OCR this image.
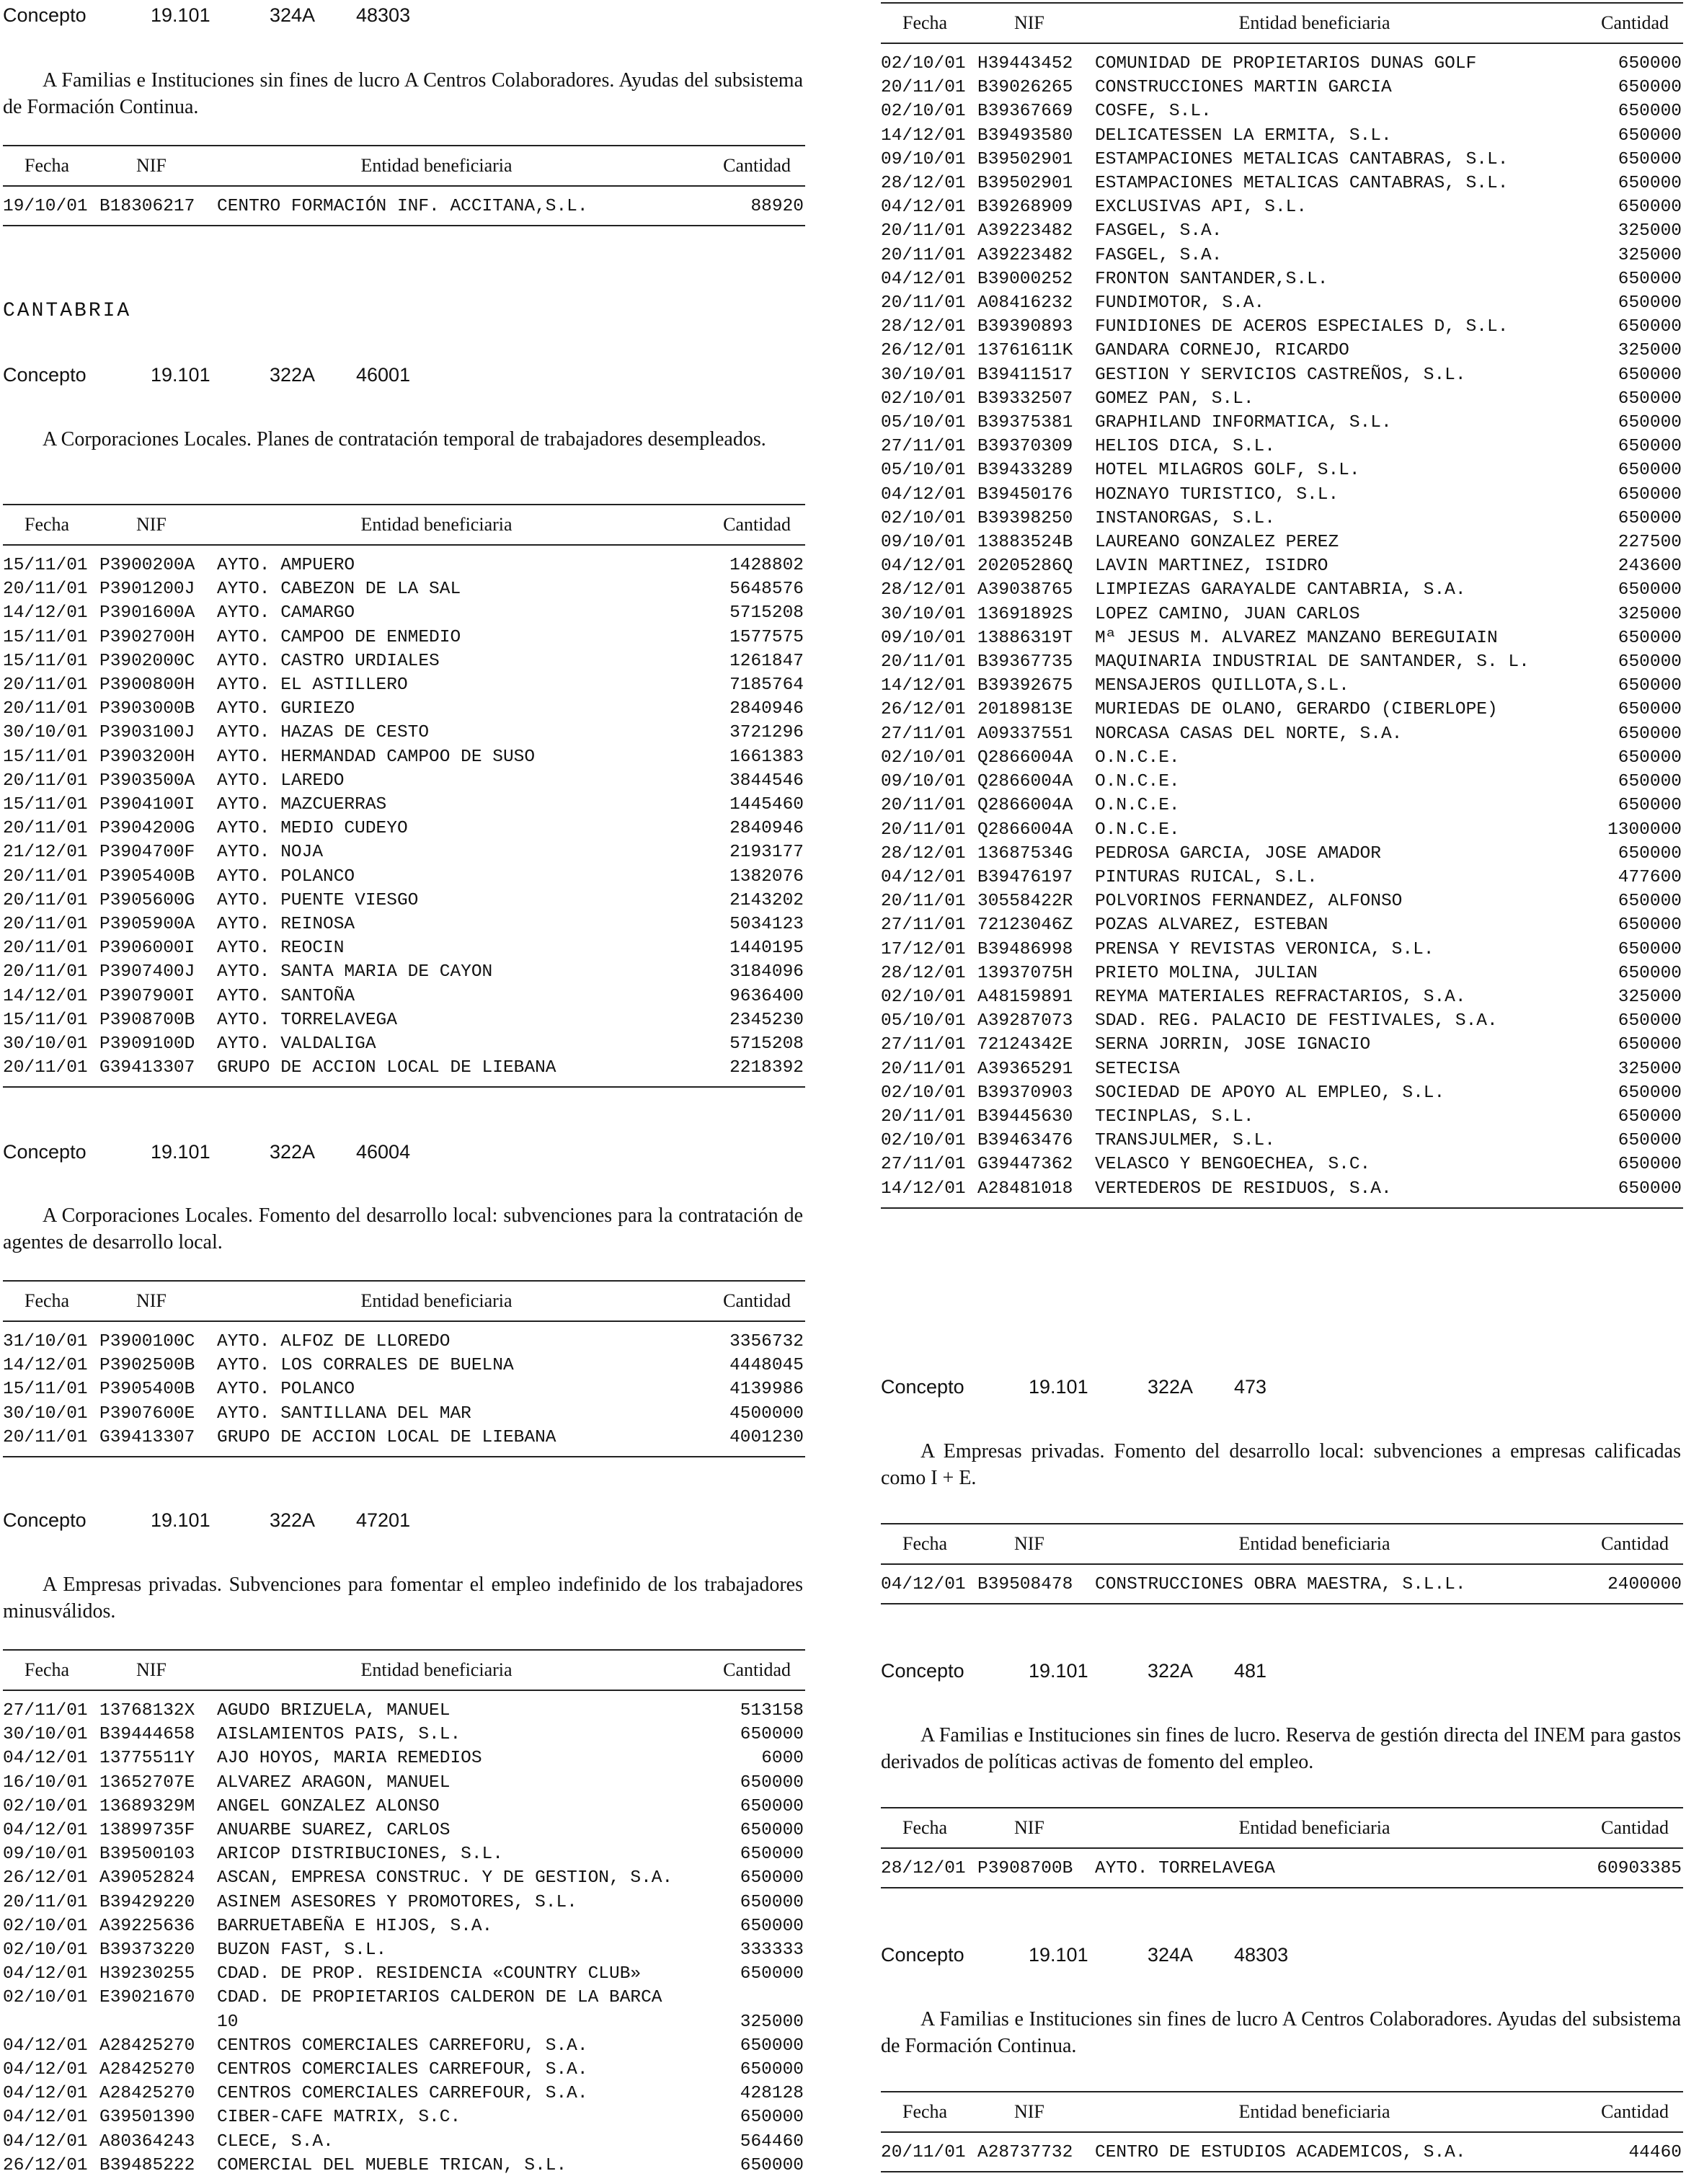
Concepto	19.101	324A	48303

A Familias e Instituciones sin fines de lucro A Centros Colaboradores. Ayudas del subsistema de Formación Continua.

Fecha	NIF	Entidad beneficiaria	Cantidad
19/10/01 B18306217	CENTRO FORMACIÓN INF. ACCITANA,S.L.	88920
CANTABRIA
Concepto	19.101	322A	46001

A Corporaciones Locales. Planes de contratación temporal de trabajadores desempleados.

Fecha	NIF	Entidad beneficiaria	Cantidad
15/11/01 P3900200A	AYTO. AMPUERO	1428802
20/11/01 P3901200J	AYTO. CABEZON DE LA SAL	5648576
14/12/01 P3901600A	AYTO. CAMARGO	5715208
15/11/01 P3902700H	AYTO. CAMPOO DE ENMEDIO	1577575
15/11/01 P3902000C	AYTO. CASTRO URDIALES	1261847
20/11/01 P3900800H	AYTO. EL ASTILLERO	7185764
20/11/01 P3903000B	AYTO. GURIEZO	2840946
30/10/01 P3903100J	AYTO. HAZAS DE CESTO	3721296
15/11/01 P3903200H	AYTO. HERMANDAD CAMPOO DE SUSO	1661383
20/11/01 P3903500A	AYTO. LAREDO	3844546
15/11/01 P3904100I	AYTO. MAZCUERRAS	1445460
20/11/01 P3904200G	AYTO. MEDIO CUDEYO	2840946
21/12/01 P3904700F	AYTO. NOJA	2193177
20/11/01 P3905400B	AYTO. POLANCO	1382076
20/11/01 P3905600G	AYTO. PUENTE VIESGO	2143202
20/11/01 P3905900A	AYTO. REINOSA	5034123
20/11/01 P3906000I	AYTO. REOCIN	1440195
20/11/01 P3907400J	AYTO. SANTA MARIA DE CAYON	3184096
14/12/01 P3907900I	AYTO. SANTOÑA	9636400
15/11/01 P3908700B	AYTO. TORRELAVEGA	2345230
30/10/01 P3909100D	AYTO. VALDALIGA	5715208
20/11/01 G39413307	GRUPO DE ACCION LOCAL DE LIEBANA	2218392
Concepto	19.101	322A	46004

A Corporaciones Locales. Fomento del desarrollo local: subvenciones para la contratación de agentes de desarrollo local.

Fecha	NIF	Entidad beneficiaria	Cantidad
31/10/01 P3900100C	AYTO. ALFOZ DE LLOREDO	3356732
14/12/01 P3902500B	AYTO. LOS CORRALES DE BUELNA	4448045
15/11/01 P3905400B	AYTO. POLANCO	4139986
30/10/01 P3907600E	AYTO. SANTILLANA DEL MAR	4500000
20/11/01 G39413307	GRUPO DE ACCION LOCAL DE LIEBANA	4001230
Concepto	19.101	322A	47201

A Empresas privadas. Subvenciones para fomentar el empleo indefinido de los trabajadores minusválidos.

Fecha	NIF	Entidad beneficiaria	Cantidad
27/11/01 13768132X	AGUDO BRIZUELA, MANUEL	513158
30/10/01 B39444658	AISLAMIENTOS PAIS, S.L.	650000
04/12/01 13775511Y	AJO HOYOS, MARIA REMEDIOS	6000
16/10/01 13652707E	ALVAREZ ARAGON, MANUEL	650000
02/10/01 13689329M	ANGEL GONZALEZ ALONSO	650000
04/12/01 13899735F	ANUARBE SUAREZ, CARLOS	650000
09/10/01 B39500103	ARICOP DISTRIBUCIONES, S.L.	650000
26/12/01 A39052824	ASCAN, EMPRESA CONSTRUC. Y DE GESTION, S.A.	650000
20/11/01 B39429220	ASINEM ASESORES Y PROMOTORES, S.L.	650000
02/10/01 A39225636	BARRUETABEÑA E HIJOS, S.A.	650000
02/10/01 B39373220	BUZON FAST, S.L.	333333
04/12/01 H39230255	CDAD. DE PROP. RESIDENCIA «COUNTRY CLUB»	650000
02/10/01 E39021670	CDAD. DE PROPIETARIOS CALDERON DE LA BARCA 10	325000
04/12/01 A28425270	CENTROS COMERCIALES CARREFORU, S.A.	650000
04/12/01 A28425270	CENTROS COMERCIALES CARREFOUR, S.A.	650000
04/12/01 A28425270	CENTROS COMERCIALES CARREFOUR, S.A.	428128
04/12/01 G39501390	CIBER-CAFE MATRIX, S.C.	650000
04/12/01 A80364243	CLECE, S.A.	564460
26/12/01 B39485222	COMERCIAL DEL MUEBLE TRICAN, S.L.	650000
Fecha	NIF	Entidad beneficiaria	Cantidad
02/10/01 H39443452	COMUNIDAD DE PROPIETARIOS DUNAS GOLF	650000
20/11/01 B39026265	CONSTRUCCIONES MARTIN GARCIA	650000
02/10/01 B39367669	COSFE, S.L.	650000
14/12/01 B39493580	DELICATESSEN LA ERMITA, S.L.	650000
09/10/01 B39502901	ESTAMPACIONES METALICAS CANTABRAS, S.L.	650000
28/12/01 B39502901	ESTAMPACIONES METALICAS CANTABRAS, S.L.	650000
04/12/01 B39268909	EXCLUSIVAS API, S.L.	650000
20/11/01 A39223482	FASGEL, S.A.	325000
20/11/01 A39223482	FASGEL, S.A.	325000
04/12/01 B39000252	FRONTON SANTANDER,S.L.	650000
20/11/01 A08416232	FUNDIMOTOR, S.A.	650000
28/12/01 B39390893	FUNIDIONES DE ACEROS ESPECIALES D, S.L.	650000
26/12/01 13761611K	GANDARA CORNEJO, RICARDO	325000
30/10/01 B39411517	GESTION Y SERVICIOS CASTREÑOS, S.L.	650000
02/10/01 B39332507	GOMEZ PAN, S.L.	650000
05/10/01 B39375381	GRAPHILAND INFORMATICA, S.L.	650000
27/11/01 B39370309	HELIOS DICA, S.L.	650000
05/10/01 B39433289	HOTEL MILAGROS GOLF, S.L.	650000
04/12/01 B39450176	HOZNAYO TURISTICO, S.L.	650000
02/10/01 B39398250	INSTANORGAS, S.L.	650000
09/10/01 13883524B	LAUREANO GONZALEZ PEREZ	227500
04/12/01 20205286Q	LAVIN MARTINEZ, ISIDRO	243600
28/12/01 A39038765	LIMPIEZAS GARAYALDE CANTABRIA, S.A.	650000
30/10/01 13691892S	LOPEZ CAMINO, JUAN CARLOS	325000
09/10/01 13886319T	Mª JESUS M. ALVAREZ MANZANO BEREGUIAIN	650000
20/11/01 B39367735	MAQUINARIA INDUSTRIAL DE SANTANDER, S. L.	650000
14/12/01 B39392675	MENSAJEROS QUILLOTA,S.L.	650000
26/12/01 20189813E	MURIEDAS DE OLANO, GERARDO (CIBERLOPE)	650000
27/11/01 A09337551	NORCASA CASAS DEL NORTE, S.A.	650000
02/10/01 Q2866004A	O.N.C.E.	650000
09/10/01 Q2866004A	O.N.C.E.	650000
20/11/01 Q2866004A	O.N.C.E.	650000
20/11/01 Q2866004A	O.N.C.E.	1300000
28/12/01 13687534G	PEDROSA GARCIA, JOSE AMADOR	650000
04/12/01 B39476197	PINTURAS RUICAL, S.L.	477600
20/11/01 30558422R	POLVORINOS FERNANDEZ, ALFONSO	650000
27/11/01 72123046Z	POZAS ALVAREZ, ESTEBAN	650000
17/12/01 B39486998	PRENSA Y REVISTAS VERONICA, S.L.	650000
28/12/01 13937075H	PRIETO MOLINA, JULIAN	650000
02/10/01 A48159891	REYMA MATERIALES REFRACTARIOS, S.A.	325000
05/10/01 A39287073	SDAD. REG. PALACIO DE FESTIVALES, S.A.	650000
27/11/01 72124342E	SERNA JORRIN, JOSE IGNACIO	650000
20/11/01 A39365291	SETECISA	325000
02/10/01 B39370903	SOCIEDAD DE APOYO AL EMPLEO, S.L.	650000
20/11/01 B39445630	TECINPLAS, S.L.	650000
02/10/01 B39463476	TRANSJULMER, S.L.	650000
27/11/01 G39447362	VELASCO Y BENGOECHEA, S.C.	650000
14/12/01 A28481018	VERTEDEROS DE RESIDUOS, S.A.	650000
Concepto	19.101	322A	473

A Empresas privadas. Fomento del desarrollo local: subvenciones a empresas calificadas como I + E.

Fecha	NIF	Entidad beneficiaria	Cantidad
04/12/01 B39508478	CONSTRUCCIONES OBRA MAESTRA, S.L.L.	2400000
Concepto	19.101	322A	481

A Familias e Instituciones sin fines de lucro. Reserva de gestión directa del INEM para gastos derivados de políticas activas de fomento del empleo.

Fecha	NIF	Entidad beneficiaria	Cantidad
28/12/01 P3908700B	AYTO. TORRELAVEGA	60903385
Concepto	19.101	324A	48303

A Familias e Instituciones sin fines de lucro A Centros Colaboradores. Ayudas del subsistema de Formación Continua.

Fecha	NIF	Entidad beneficiaria	Cantidad
20/11/01 A28737732	CENTRO DE ESTUDIOS ACADEMICOS, S.A.	44460
